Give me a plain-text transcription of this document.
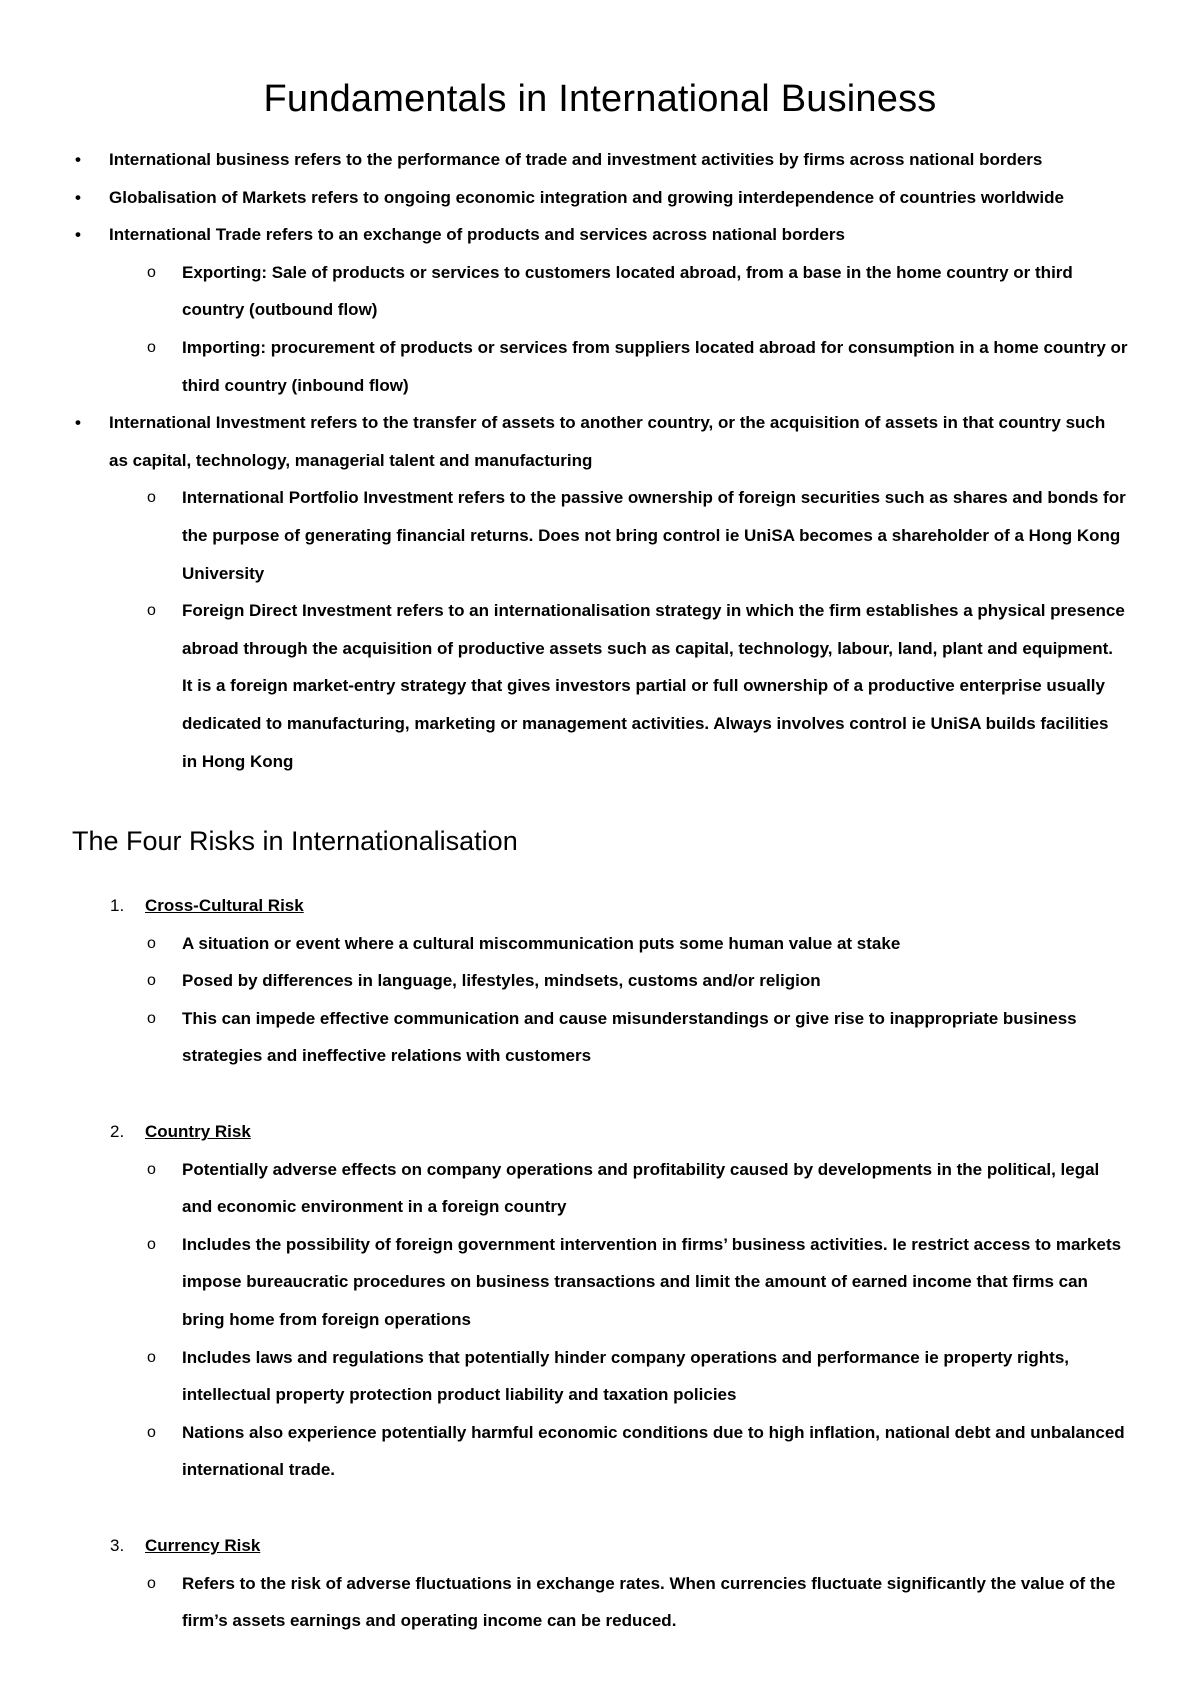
Fundamentals in International Business
• International business refers to the performance of trade and investment activities by firms across national borders
• Globalisation of Markets refers to ongoing economic integration and growing interdependence of countries worldwide
• International Trade refers to an exchange of products and services across national borders
o Exporting: Sale of products or services to customers located abroad, from a base in the home country or third country (outbound flow)
o Importing: procurement of products or services from suppliers located abroad for consumption in a home country or third country (inbound flow)
• International Investment refers to the transfer of assets to another country, or the acquisition of assets in that country such as capital, technology, managerial talent and manufacturing
o International Portfolio Investment refers to the passive ownership of foreign securities such as shares and bonds for the purpose of generating financial returns. Does not bring control ie UniSA becomes a shareholder of a Hong Kong University
o Foreign Direct Investment refers to an internationalisation strategy in which the firm establishes a physical presence abroad through the acquisition of productive assets such as capital, technology, labour, land, plant and equipment. It is a foreign market-entry strategy that gives investors partial or full ownership of a productive enterprise usually dedicated to manufacturing, marketing or management activities. Always involves control ie UniSA builds facilities in Hong Kong
The Four Risks in Internationalisation
1. Cross-Cultural Risk
o A situation or event where a cultural miscommunication puts some human value at stake
o Posed by differences in language, lifestyles, mindsets, customs and/or religion
o This can impede effective communication and cause misunderstandings or give rise to inappropriate business strategies and ineffective relations with customers
2. Country Risk
o Potentially adverse effects on company operations and profitability caused by developments in the political, legal and economic environment in a foreign country
o Includes the possibility of foreign government intervention in firms’ business activities. Ie restrict access to markets impose bureaucratic procedures on business transactions and limit the amount of earned income that firms can bring home from foreign operations
o Includes laws and regulations that potentially hinder company operations and performance ie property rights, intellectual property protection product liability and taxation policies
o Nations also experience potentially harmful economic conditions due to high inflation, national debt and unbalanced international trade.
3. Currency Risk
o Refers to the risk of adverse fluctuations in exchange rates. When currencies fluctuate significantly the value of the firm’s assets earnings and operating income can be reduced.
